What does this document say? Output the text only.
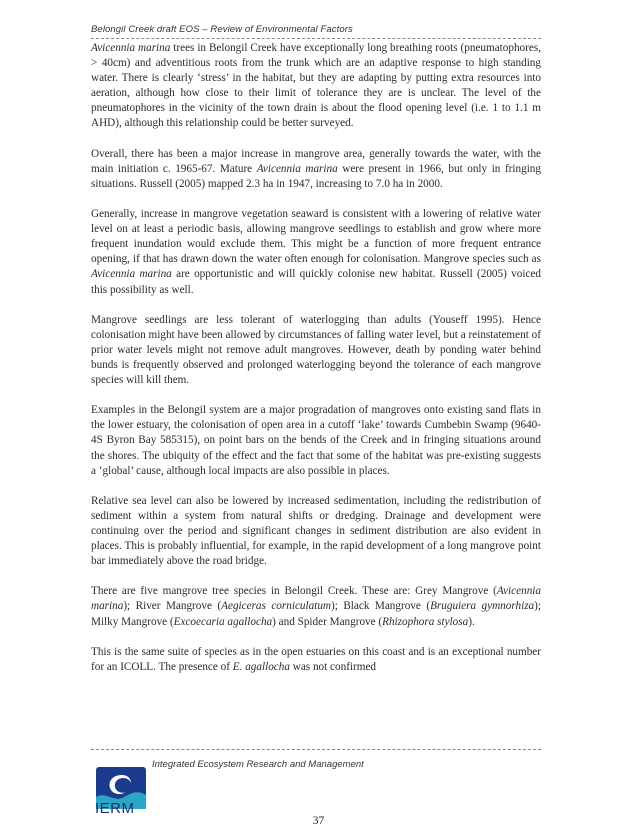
Belongil Creek draft EOS – Review of Environmental Factors

Avicennia marina trees in Belongil Creek have exceptionally long breathing roots (pneumatophores, > 40cm) and adventitious roots from the trunk which are an adaptive response to high standing water. There is clearly ‘stress’ in the habitat, but they are adapting by putting extra resources into aeration, although how close to their limit of tolerance they are is unclear. The level of the pneumatophores in the vicinity of the town drain is about the flood opening level (i.e. 1 to 1.1 m AHD), although this relationship could be better surveyed.

Overall, there has been a major increase in mangrove area, generally towards the water, with the main initiation c. 1965-67. Mature Avicennia marina were present in 1966, but only in fringing situations. Russell (2005) mapped 2.3 ha in 1947, increasing to 7.0 ha in 2000.

Generally, increase in mangrove vegetation seaward is consistent with a lowering of relative water level on at least a periodic basis, allowing mangrove seedlings to establish and grow where more frequent inundation would exclude them. This might be a function of more frequent entrance opening, if that has drawn down the water often enough for colonisation. Mangrove species such as Avicennia marina are opportunistic and will quickly colonise new habitat. Russell (2005) voiced this possibility as well.

Mangrove seedlings are less tolerant of waterlogging than adults (Youseff 1995). Hence colonisation might have been allowed by circumstances of falling water level, but a reinstatement of prior water levels might not remove adult mangroves. However, death by ponding water behind bunds is frequently observed and prolonged waterlogging beyond the tolerance of each mangrove species will kill them.

Examples in the Belongil system are a major progradation of mangroves onto existing sand flats in the lower estuary, the colonisation of open area in a cutoff ‘lake’ towards Cumbebin Swamp (9640-4S Byron Bay 585315), on point bars on the bends of the Creek and in fringing situations around the shores. The ubiquity of the effect and the fact that some of the habitat was pre-existing suggests a ‘global’ cause, although local impacts are also possible in places.

Relative sea level can also be lowered by increased sedimentation, including the redistribution of sediment within a system from natural shifts or dredging. Drainage and development were continuing over the period and significant changes in sediment distribution are also evident in places. This is probably influential, for example, in the rapid development of a long mangrove point bar immediately above the road bridge.

There are five mangrove tree species in Belongil Creek. These are: Grey Mangrove (Avicennia marina); River Mangrove (Aegiceras corniculatum); Black Mangrove (Bruguiera gymnorhiza); Milky Mangrove (Excoecaria agallocha) and Spider Mangrove (Rhizophora stylosa).

This is the same suite of species as in the open estuaries on this coast and is an exceptional number for an ICOLL. The presence of E. agallocha was not confirmed

IERM
Integrated Ecosystem Research and Management
37
